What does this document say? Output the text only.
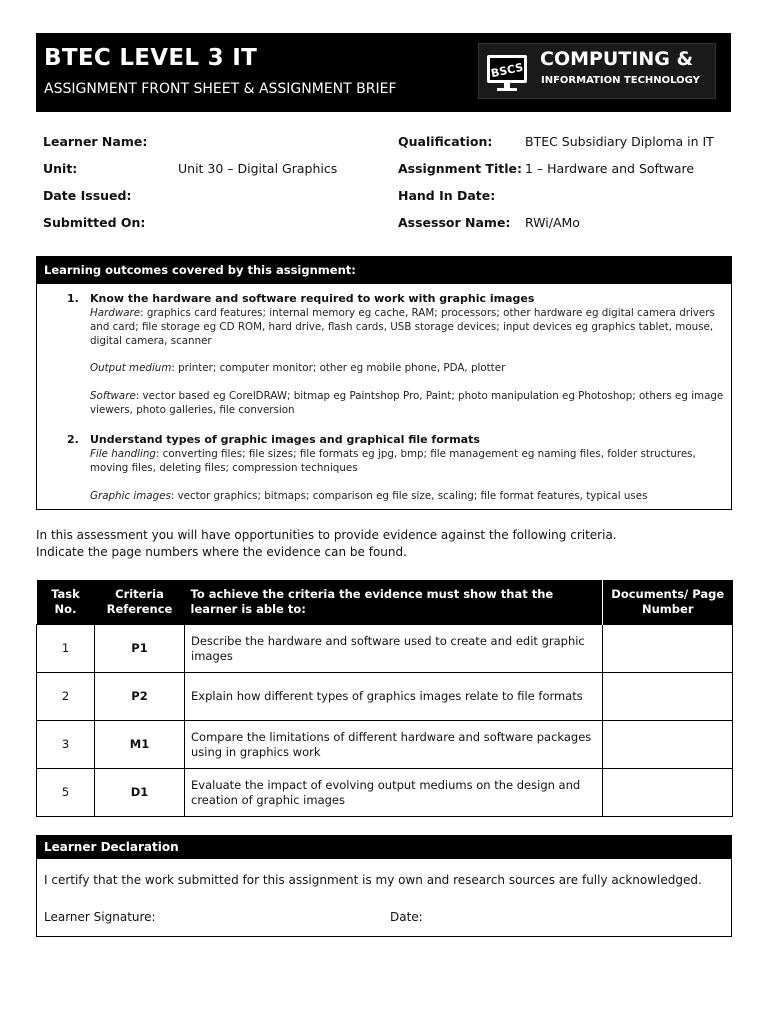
BTEC LEVEL 3 IT
ASSIGNMENT FRONT SHEET & ASSIGNMENT BRIEF
BSCS
COMPUTING &
INFORMATION TECHNOLOGY
Learner Name:	Qualification:	BTEC Subsidiary Diploma in IT
Unit:	Unit 30 – Digital Graphics	Assignment Title: 1 – Hardware and Software
Date Issued:	Hand In Date:
Submitted On:	Assessor Name: RWi/AMo
Learning outcomes covered by this assignment:
1. Know the hardware and software required to work with graphic images
Hardware: graphics card features; internal memory eg cache, RAM; processors; other hardware eg digital camera drivers and card; file storage eg CD ROM, hard drive, flash cards, USB storage devices; input devices eg graphics tablet, mouse, digital camera, scanner
Output medium: printer; computer monitor; other eg mobile phone, PDA, plotter
Software: vector based eg CorelDRAW; bitmap eg Paintshop Pro, Paint; photo manipulation eg Photoshop; others eg image viewers, photo galleries, file conversion
2. Understand types of graphic images and graphical file formats
File handling: converting files; file sizes; file formats eg jpg, bmp; file management eg naming files, folder structures, moving files, deleting files; compression techniques
Graphic images: vector graphics; bitmaps; comparison eg file size, scaling; file format features, typical uses
In this assessment you will have opportunities to provide evidence against the following criteria.
Indicate the page numbers where the evidence can be found.
Task No.	Criteria Reference	To achieve the criteria the evidence must show that the learner is able to:	Documents/ Page Number
1	P1	Describe the hardware and software used to create and edit graphic images	
2	P2	Explain how different types of graphics images relate to file formats	
3	M1	Compare the limitations of different hardware and software packages using in graphics work	
5	D1	Evaluate the impact of evolving output mediums on the design and creation of graphic images	
Learner Declaration
I certify that the work submitted for this assignment is my own and research sources are fully acknowledged.
Learner Signature:	Date:
